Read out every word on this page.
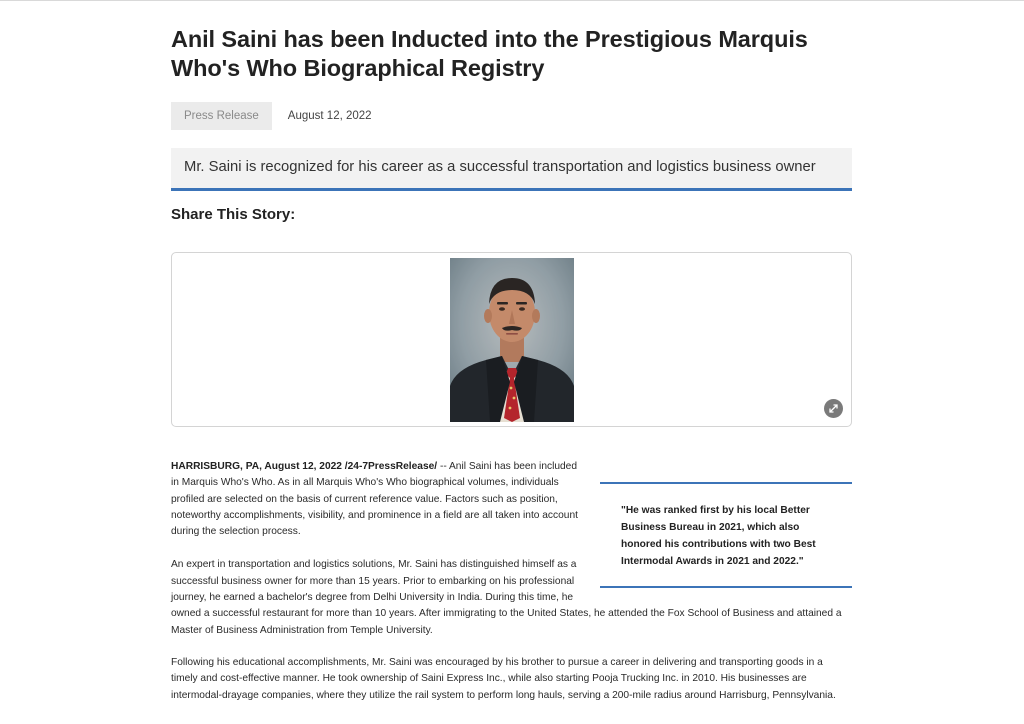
Anil Saini has been Inducted into the Prestigious Marquis Who's Who Biographical Registry
Press Release	August 12, 2022
Mr. Saini is recognized for his career as a successful transportation and logistics business owner
Share This Story:

HARRISBURG, PA, August 12, 2022 /24-7PressRelease/ -- Anil Saini has been included in Marquis Who's Who. As in all Marquis Who's Who biographical volumes, individuals profiled are selected on the basis of current reference value. Factors such as position, noteworthy accomplishments, visibility, and prominence in a field are all taken into account during the selection process.

An expert in transportation and logistics solutions, Mr. Saini has distinguished himself as a successful business owner for more than 15 years. Prior to embarking on his professional journey, he earned a bachelor's degree from Delhi University in India. During this time, he
owned a successful restaurant for more than 10 years. After immigrating to the United States, he attended the Fox School of Business and attained a Master of Business Administration from Temple University.

Following his educational accomplishments, Mr. Saini was encouraged by his brother to pursue a career in delivering and transporting goods in a timely and cost-effective manner. He took ownership of Saini Express Inc., while also starting Pooja Trucking Inc. in 2010. His businesses are intermodal-drayage companies, where they utilize the rail system to perform long hauls, serving a 200-mile radius around Harrisburg, Pennsylvania.

"He was ranked first by his local Better Business Bureau in 2021, which also honored his contributions with two Best Intermodal Awards in 2021 and 2022."
